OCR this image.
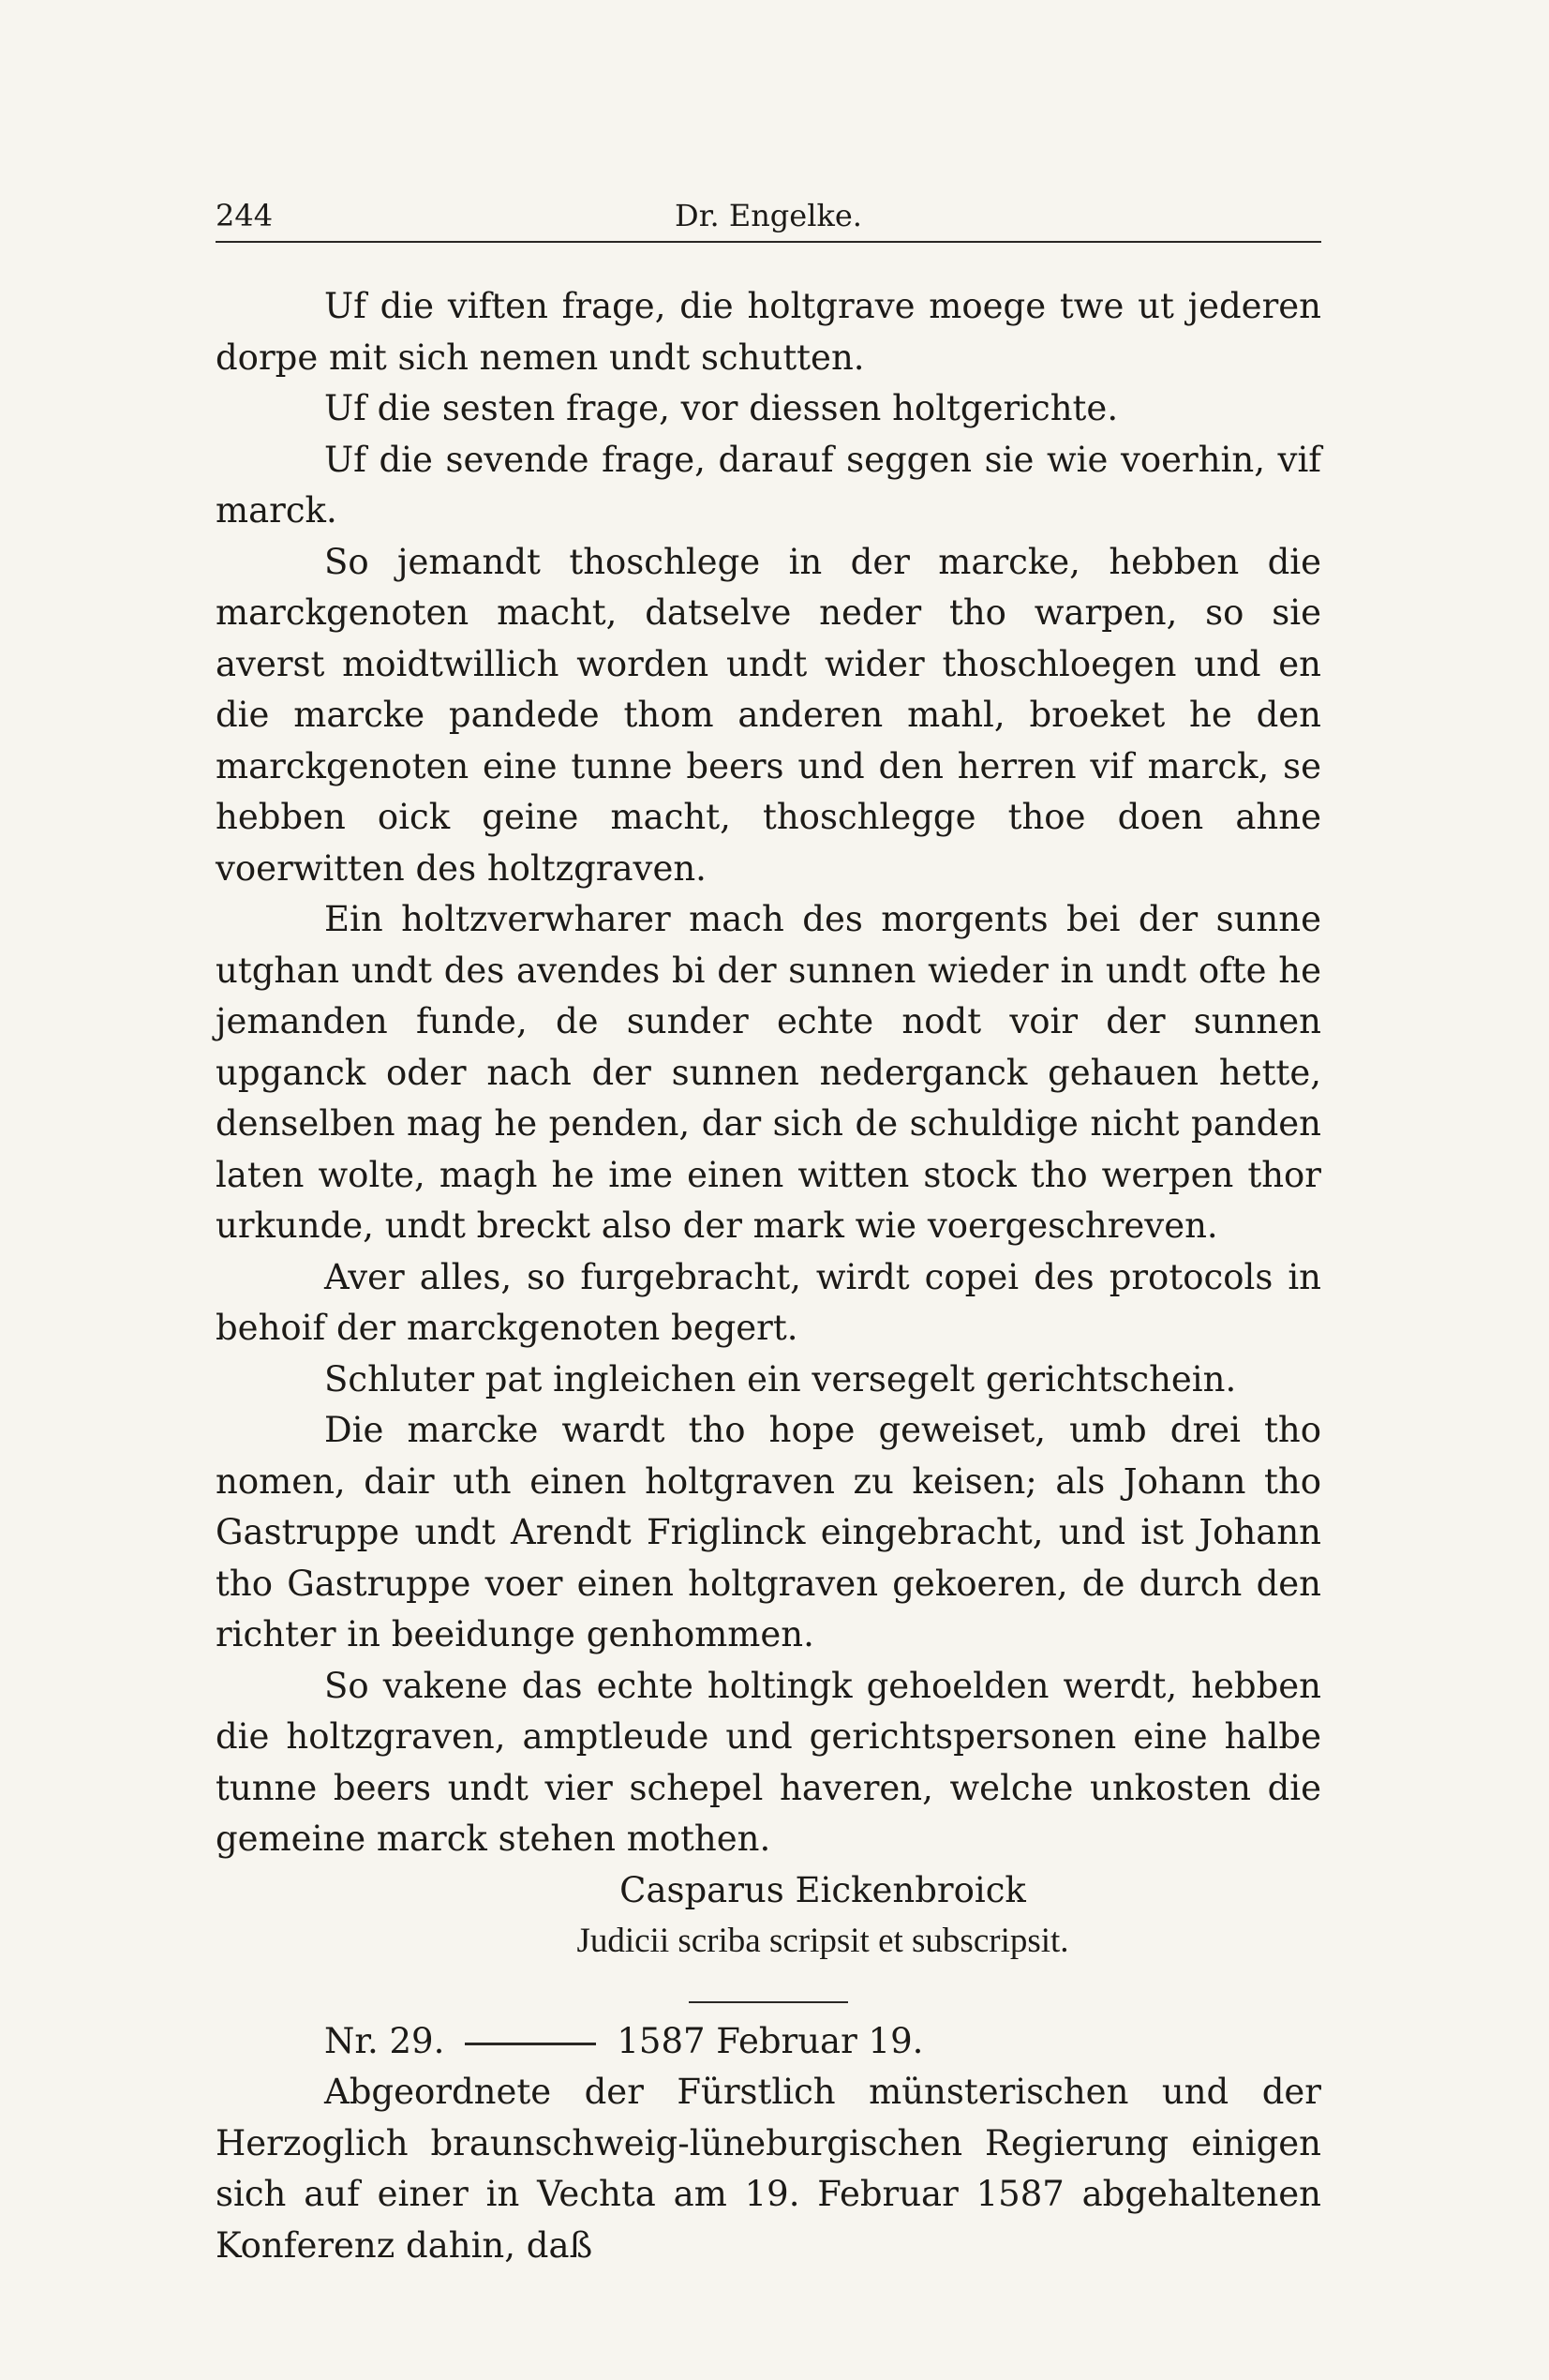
244	Dr. Engelke.

Uf die viften frage, die holtgrave moege twe ut jederen dorpe mit sich nemen undt schutten.

Uf die sesten frage, vor diessen holtgerichte.

Uf die sevende frage, darauf seggen sie wie voerhin, vif marck.

So jemandt thoschlege in der marcke, hebben die marckgenoten macht, datselve neder tho warpen, so sie averst moidtwillich worden undt wider thoschloegen und en die marcke pandede thom anderen mahl, broeket he den marckgenoten eine tunne beers und den herren vif marck, se hebben oick geine macht, thoschlegge thoe doen ahne voerwitten des holtzgraven.

Ein holtzverwharer mach des morgents bei der sunne utghan undt des avendes bi der sunnen wieder in undt ofte he jemanden funde, de sunder echte nodt voir der sunnen upganck oder nach der sunnen nederganck gehauen hette, denselben mag he penden, dar sich de schuldige nicht panden laten wolte, magh he ime einen witten stock tho werpen thor urkunde, undt breckt also der mark wie voergeschreven.

Aver alles, so furgebracht, wirdt copei des protocols in behoif der marckgenoten begert.

Schluter pat ingleichen ein versegelt gerichtschein.

Die marcke wardt tho hope geweiset, umb drei tho nomen, dair uth einen holtgraven zu keisen; als Johann tho Gastruppe undt Arendt Friglinck eingebracht, und ist Johann tho Gastruppe voer einen holtgraven gekoeren, de durch den richter in beeidunge genhommen.

So vakene das echte holtingk gehoelden werdt, hebben die holtzgraven, amptleude und gerichtspersonen eine halbe tunne beers undt vier schepel haveren, welche unkosten die gemeine marck stehen mothen.

Casparus Eickenbroick

Judicii scriba scripsit et subscripsit.

Nr. 29.	1587 Februar 19.

Abgeordnete der Fürstlich münsterischen und der Herzoglich braunschweig-lüneburgischen Regierung einigen sich auf einer in Vechta am 19. Februar 1587 abgehaltenen Konferenz dahin, daß
